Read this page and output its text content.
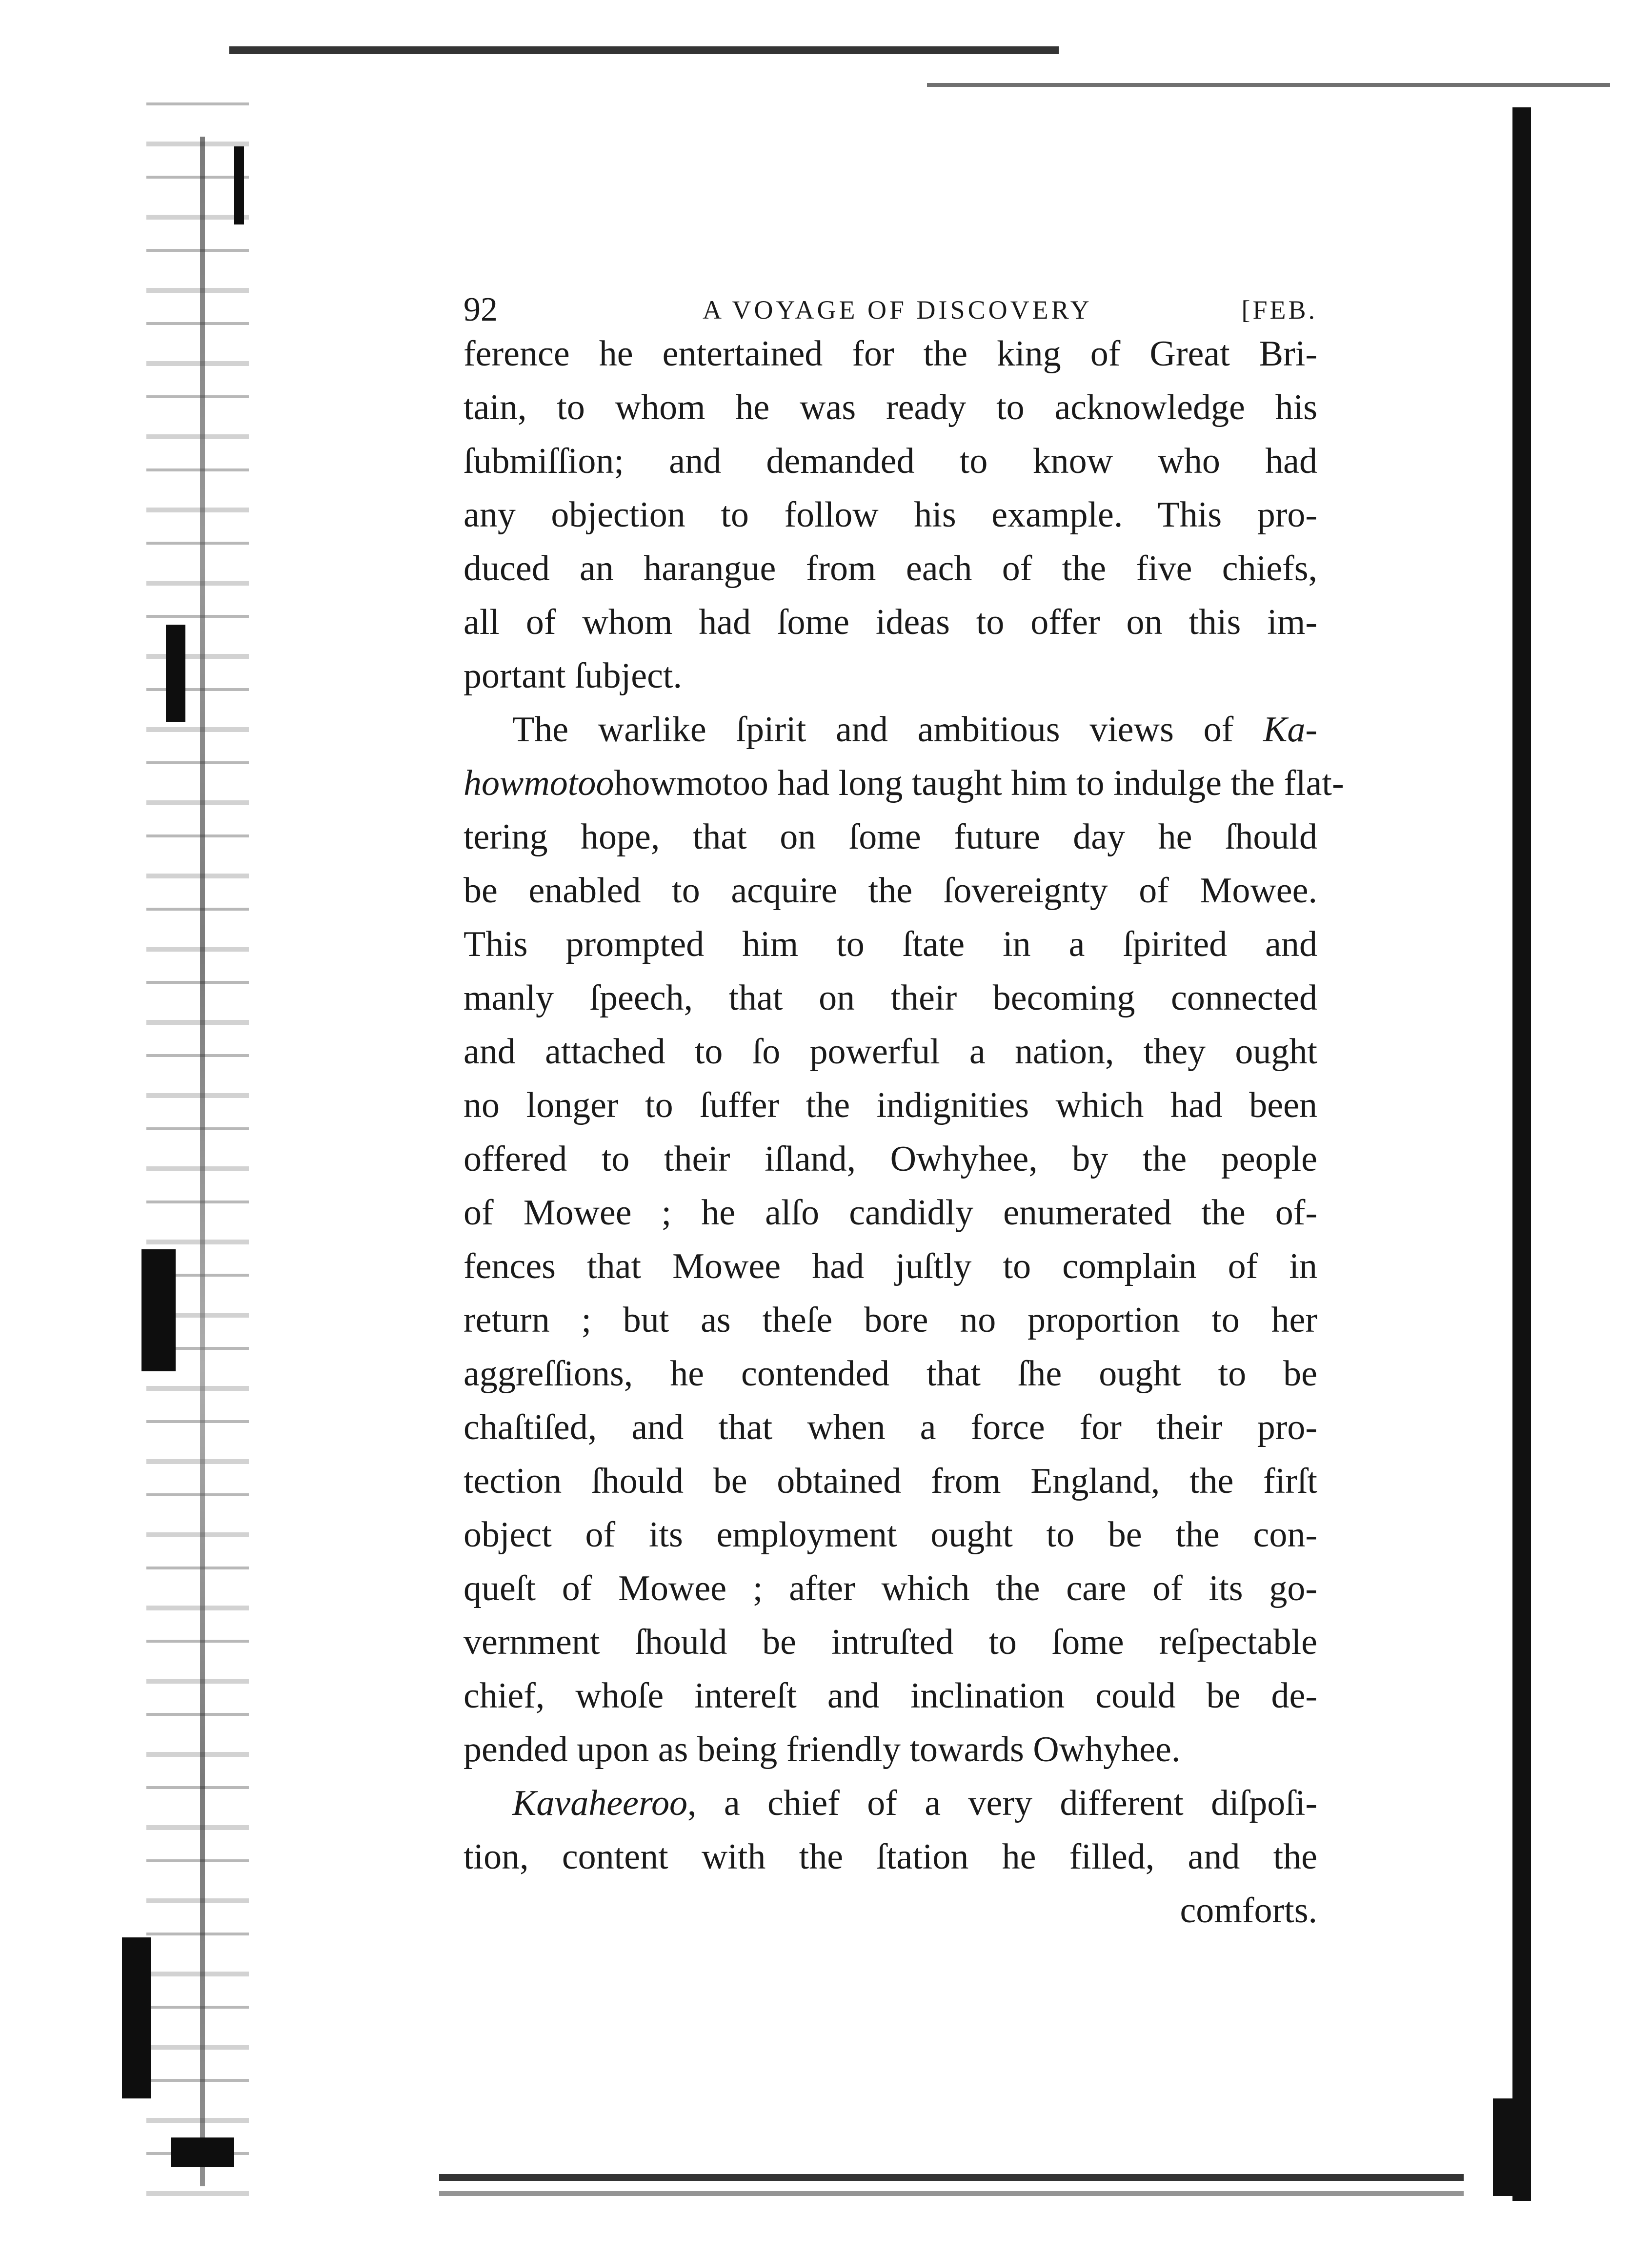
92	A VOYAGE OF DISCOVERY	[FEB.
ference he entertained for the king of Great Bri-
tain, to whom he was ready to acknowledge his
ſubmiſſion; and demanded to know who had
any objection to follow his example. This pro-
duced an harangue from each of the five chiefs,
all of whom had ſome ideas to offer on this im-
portant ſubject.
The warlike ſpirit and ambitious views of Ka-
howmotoohowmotoo had long taught him to indulge the flat-
tering hope, that on ſome future day he ſhould
be enabled to acquire the ſovereignty of Mowee.
This prompted him to ſtate in a ſpirited and
manly ſpeech, that on their becoming connected
and attached to ſo powerful a nation, they ought
no longer to ſuffer the indignities which had been
offered to their iſland, Owhyhee, by the people
of Mowee ; he alſo candidly enumerated the of-
fences that Mowee had juſtly to complain of in
return ; but as theſe bore no proportion to her
aggreſſions, he contended that ſhe ought to be
chaſtiſed, and that when a force for their pro-
tection ſhould be obtained from England, the firſt
object of its employment ought to be the con-
queſt of Mowee ; after which the care of its go-
vernment ſhould be intruſted to ſome reſpectable
chief, whoſe intereſt and inclination could be de-
pended upon as being friendly towards Owhyhee.
Kavaheeroo, a chief of a very different diſpoſi-
tion, content with the ſtation he filled, and the
comforts.
